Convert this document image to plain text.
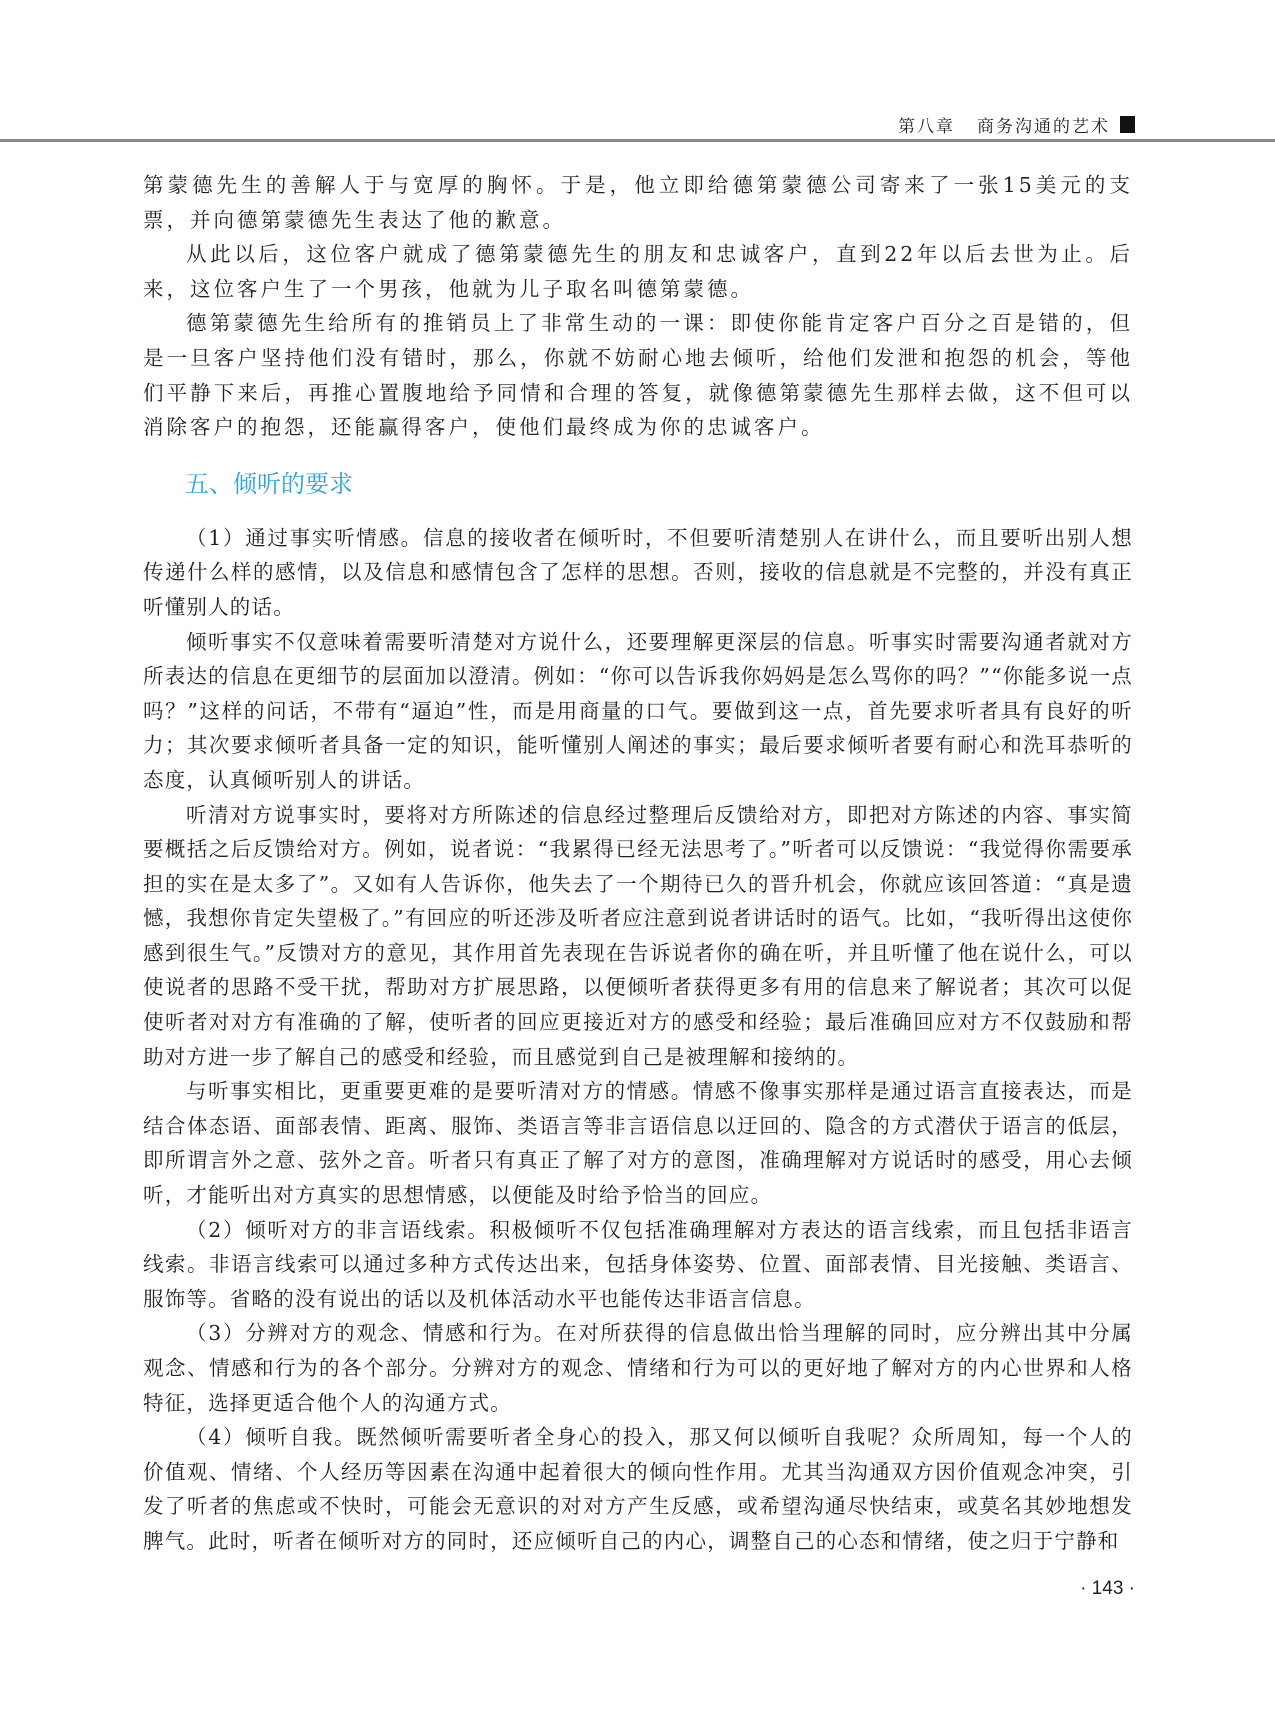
第八章 商务沟通的艺术

第蒙德先生的善解人于与宽厚的胸怀。于是，他立即给德第蒙德公司寄来了一张15美元的支票，并向德第蒙德先生表达了他的歉意。

从此以后，这位客户就成了德第蒙德先生的朋友和忠诚客户，直到22年以后去世为止。后来，这位客户生了一个男孩，他就为儿子取名叫德第蒙德。

德第蒙德先生给所有的推销员上了非常生动的一课：即使你能肯定客户百分之百是错的，但是一旦客户坚持他们没有错时，那么，你就不妨耐心地去倾听，给他们发泄和抱怨的机会，等他们平静下来后，再推心置腹地给予同情和合理的答复，就像德第蒙德先生那样去做，这不但可以消除客户的抱怨，还能赢得客户，使他们最终成为你的忠诚客户。

五、倾听的要求

（1）通过事实听情感。信息的接收者在倾听时，不但要听清楚别人在讲什么，而且要听出别人想传递什么样的感情，以及信息和感情包含了怎样的思想。否则，接收的信息就是不完整的，并没有真正听懂别人的话。

倾听事实不仅意味着需要听清楚对方说什么，还要理解更深层的信息。听事实时需要沟通者就对方所表达的信息在更细节的层面加以澄清。例如：“你可以告诉我你妈妈是怎么骂你的吗？”“你能多说一点吗？”这样的问话，不带有“逼迫”性，而是用商量的口气。要做到这一点，首先要求听者具有良好的听力；其次要求倾听者具备一定的知识，能听懂别人阐述的事实；最后要求倾听者要有耐心和洗耳恭听的态度，认真倾听别人的讲话。

听清对方说事实时，要将对方所陈述的信息经过整理后反馈给对方，即把对方陈述的内容、事实简要概括之后反馈给对方。例如，说者说：“我累得已经无法思考了。”听者可以反馈说：“我觉得你需要承担的实在是太多了”。又如有人告诉你，他失去了一个期待已久的晋升机会，你就应该回答道：“真是遗憾，我想你肯定失望极了。”有回应的听还涉及听者应注意到说者讲话时的语气。比如，“我听得出这使你感到很生气。”反馈对方的意见，其作用首先表现在告诉说者你的确在听，并且听懂了他在说什么，可以使说者的思路不受干扰，帮助对方扩展思路，以便倾听者获得更多有用的信息来了解说者；其次可以促使听者对对方有准确的了解，使听者的回应更接近对方的感受和经验；最后准确回应对方不仅鼓励和帮助对方进一步了解自己的感受和经验，而且感觉到自己是被理解和接纳的。

与听事实相比，更重要更难的是要听清对方的情感。情感不像事实那样是通过语言直接表达，而是结合体态语、面部表情、距离、服饰、类语言等非言语信息以迂回的、隐含的方式潜伏于语言的低层，即所谓言外之意、弦外之音。听者只有真正了解了对方的意图，准确理解对方说话时的感受，用心去倾听，才能听出对方真实的思想情感，以便能及时给予恰当的回应。

（2）倾听对方的非言语线索。积极倾听不仅包括准确理解对方表达的语言线索，而且包括非语言线索。非语言线索可以通过多种方式传达出来，包括身体姿势、位置、面部表情、目光接触、类语言、服饰等。省略的没有说出的话以及机体活动水平也能传达非语言信息。

（3）分辨对方的观念、情感和行为。在对所获得的信息做出恰当理解的同时，应分辨出其中分属观念、情感和行为的各个部分。分辨对方的观念、情绪和行为可以的更好地了解对方的内心世界和人格特征，选择更适合他个人的沟通方式。

（4）倾听自我。既然倾听需要听者全身心的投入，那又何以倾听自我呢？众所周知，每一个人的价值观、情绪、个人经历等因素在沟通中起着很大的倾向性作用。尤其当沟通双方因价值观念冲突，引发了听者的焦虑或不快时，可能会无意识的对对方产生反感，或希望沟通尽快结束，或莫名其妙地想发脾气。此时，听者在倾听对方的同时，还应倾听自己的内心，调整自己的心态和情绪，使之归于宁静和

· 143 ·
